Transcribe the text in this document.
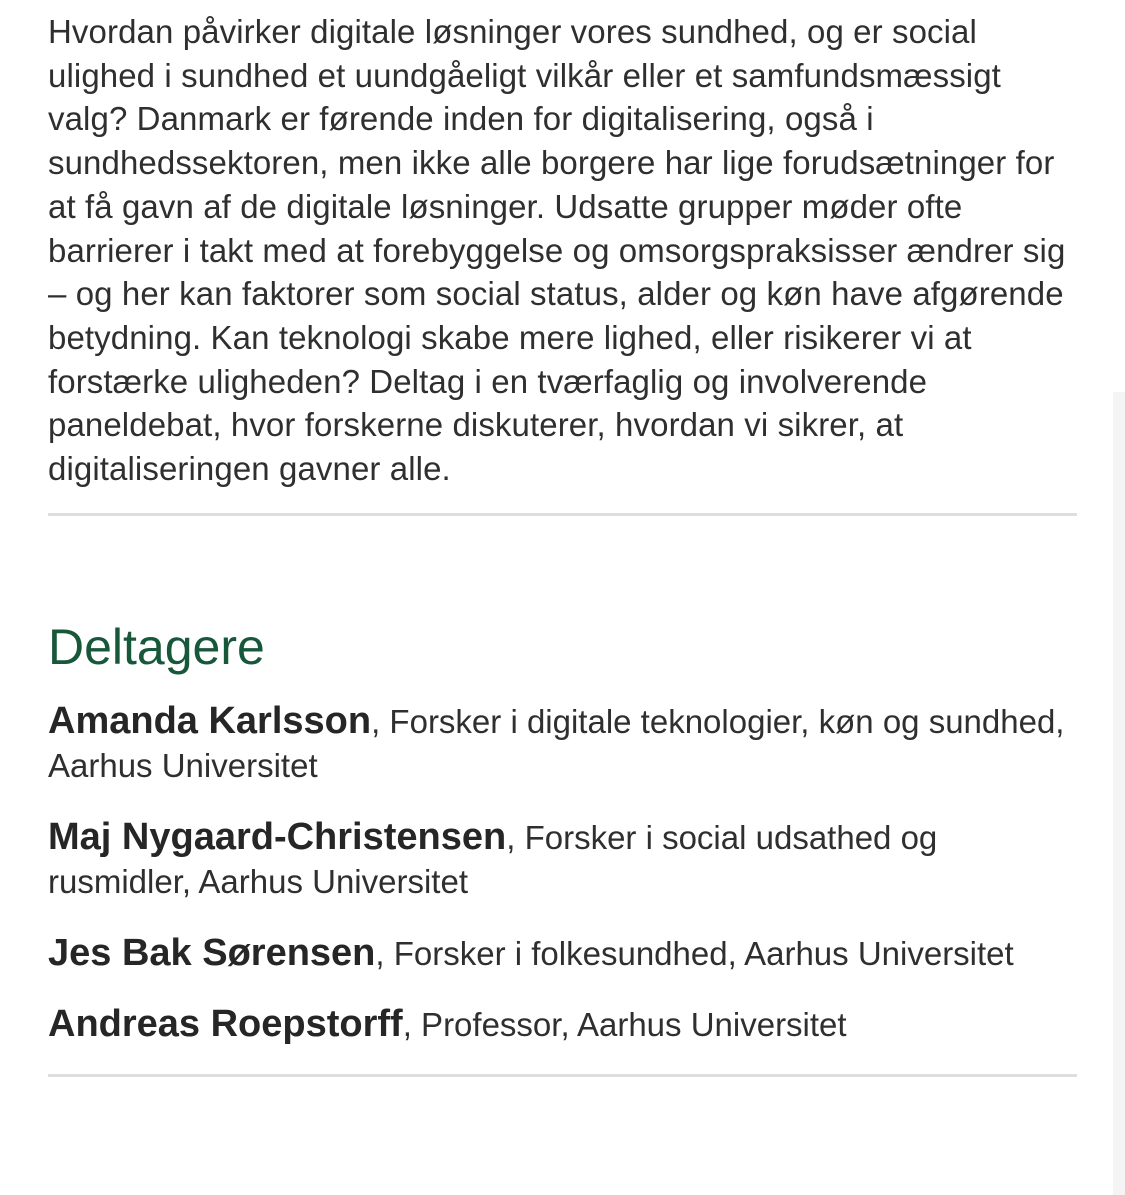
Hvordan påvirker digitale løsninger vores sundhed, og er social ulighed i sundhed et uundgåeligt vilkår eller et samfundsmæssigt valg? Danmark er førende inden for digitalisering, også i sundhedssektoren, men ikke alle borgere har lige forudsætninger for at få gavn af de digitale løsninger. Udsatte grupper møder ofte barrierer i takt med at forebyggelse og omsorgspraksisser ændrer sig – og her kan faktorer som social status, alder og køn have afgørende betydning. Kan teknologi skabe mere lighed, eller risikerer vi at forstærke uligheden? Deltag i en tværfaglig og involverende paneldebat, hvor forskerne diskuterer, hvordan vi sikrer, at digitaliseringen gavner alle.

Deltagere
Amanda Karlsson, Forsker i digitale teknologier, køn og sundhed, Aarhus Universitet
Maj Nygaard-Christensen, Forsker i social udsathed og rusmidler, Aarhus Universitet
Jes Bak Sørensen, Forsker i folkesundhed, Aarhus Universitet
Andreas Roepstorff, Professor, Aarhus Universitet
